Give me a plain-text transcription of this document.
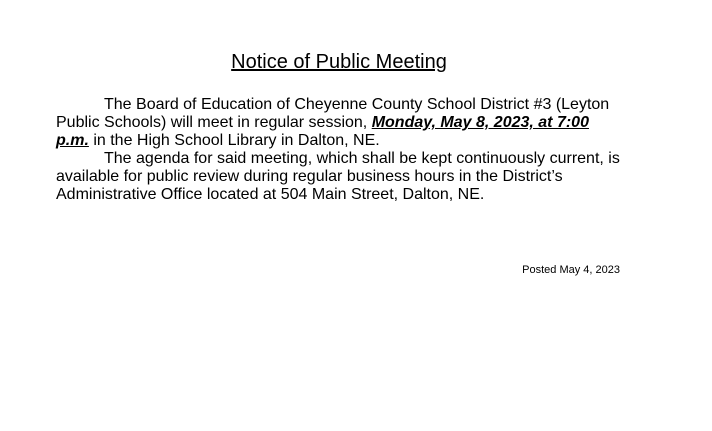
Notice of Public Meeting

The Board of Education of Cheyenne County School District #3 (Leyton Public Schools) will meet in regular session, Monday, May 8, 2023, at 7:00 p.m. in the High School Library in Dalton, NE.

The agenda for said meeting, which shall be kept continuously current, is available for public review during regular business hours in the District’s Administrative Office located at 504 Main Street, Dalton, NE.

Posted May 4, 2023
